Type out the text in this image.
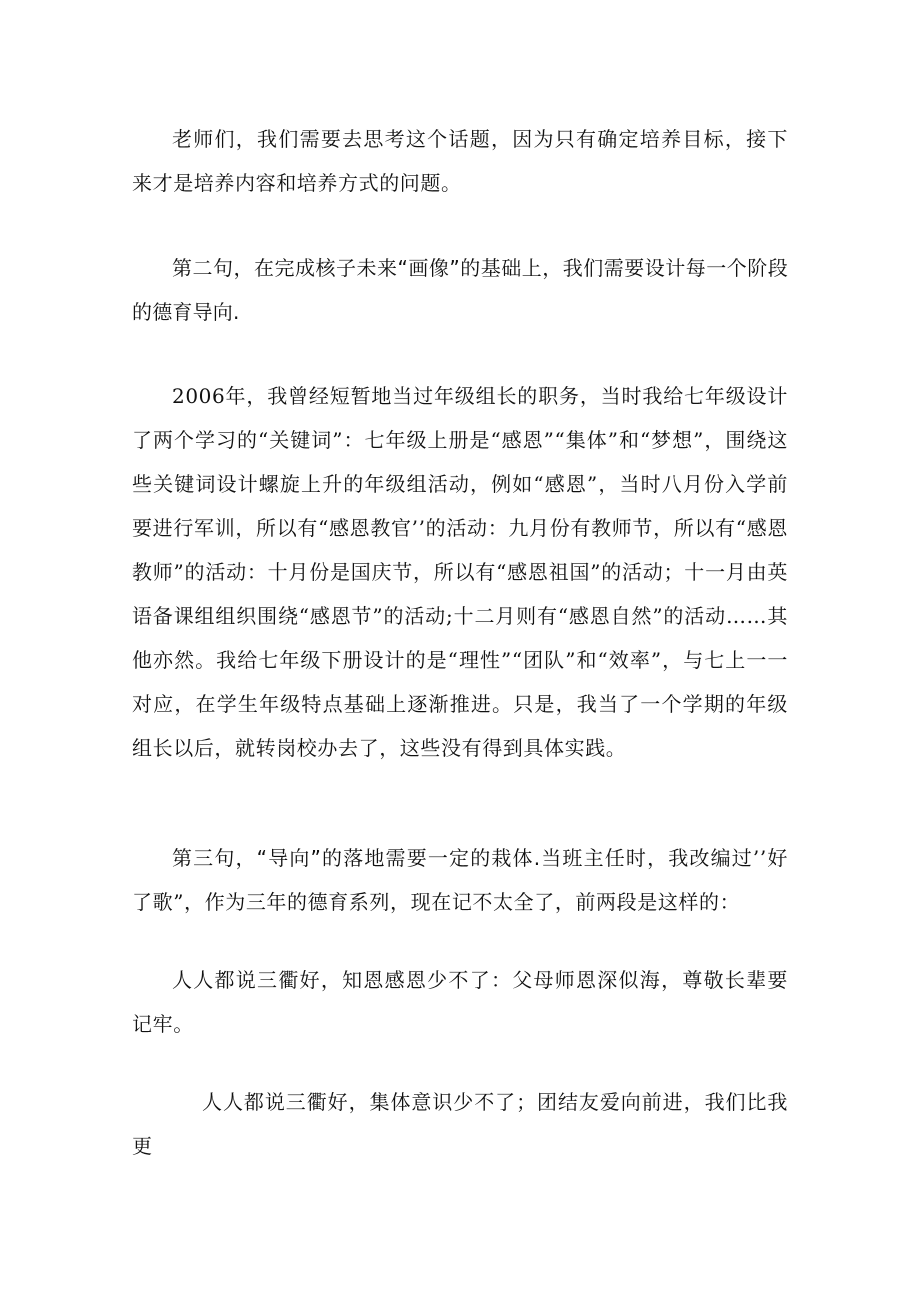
老师们，我们需要去思考这个话题，因为只有确定培养目标，接下来才是培养内容和培养方式的问题。

第二句，在完成核子未来“画像”的基础上，我们需要设计每一个阶段的德育导向.

2006年，我曾经短暂地当过年级组长的职务，当时我给七年级设计了两个学习的“关键词”：七年级上册是“感恩”“集体”和“梦想”，围绕这些关键词设计螺旋上升的年级组活动，例如“感恩”，当时八月份入学前要进行军训，所以有“感恩教官’’的活动：九月份有教师节，所以有“感恩教师”的活动：十月份是国庆节，所以有“感恩祖国”的活动；十一月由英语备课组组织围绕“感恩节”的活动;十二月则有“感恩自然”的活动……其他亦然。我给七年级下册设计的是“理性”“团队”和“效率”，与七上一一对应，在学生年级特点基础上逐渐推进。只是，我当了一个学期的年级组长以后，就转岗校办去了，这些没有得到具体实践。

第三句，“导向”的落地需要一定的栽体.当班主任时，我改编过’’好了歌”，作为三年的德育系列，现在记不太全了，前两段是这样的：

人人都说三衢好，知恩感恩少不了：父母师恩深似海，尊敬长辈要记牢。

人人都说三衢好，集体意识少不了；团结友爱向前进，我们比我更
